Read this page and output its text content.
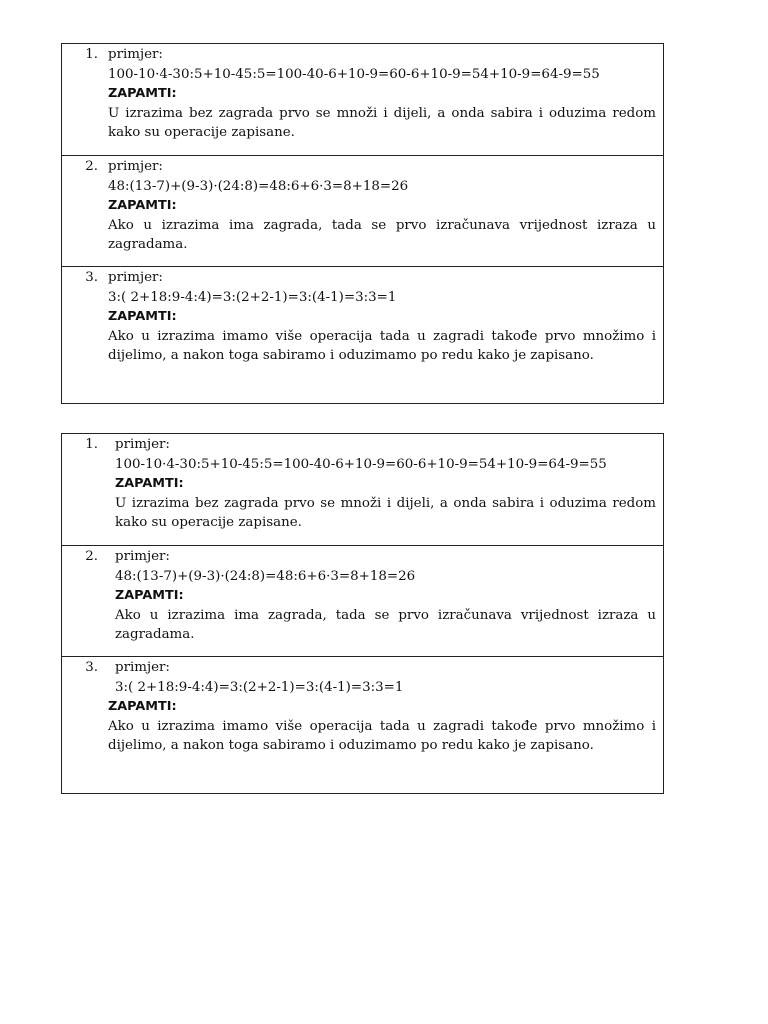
1. primjer:
100-10·4-30:5+10-45:5=100-40-6+10-9=60-6+10-9=54+10-9=64-9=55
ZAPAMTI:
U izrazima bez zagrada prvo se množi i dijeli, a onda sabira i oduzima redom kako su operacije zapisane.
2. primjer:
48:(13-7)+(9-3)·(24:8)=48:6+6·3=8+18=26
ZAPAMTI:
Ako u izrazima ima zagrada, tada se prvo izračunava vrijednost izraza u zagradama.
3. primjer:
3:( 2+18:9-4:4)=3:(2+2-1)=3:(4-1)=3:3=1
ZAPAMTI:
Ako u izrazima imamo više operacija tada u zagradi takođe prvo množimo i dijelimo, a nakon toga sabiramo i oduzimamo po redu kako je zapisano.
1. primjer:
100-10·4-30:5+10-45:5=100-40-6+10-9=60-6+10-9=54+10-9=64-9=55
ZAPAMTI:
U izrazima bez zagrada prvo se množi i dijeli, a onda sabira i oduzima redom kako su operacije zapisane.
2. primjer:
48:(13-7)+(9-3)·(24:8)=48:6+6·3=8+18=26
ZAPAMTI:
Ako u izrazima ima zagrada, tada se prvo izračunava vrijednost izraza u zagradama.
3. primjer:
3:( 2+18:9-4:4)=3:(2+2-1)=3:(4-1)=3:3=1
ZAPAMTI:
Ako u izrazima imamo više operacija tada u zagradi takođe prvo množimo i dijelimo, a nakon toga sabiramo i oduzimamo po redu kako je zapisano.
